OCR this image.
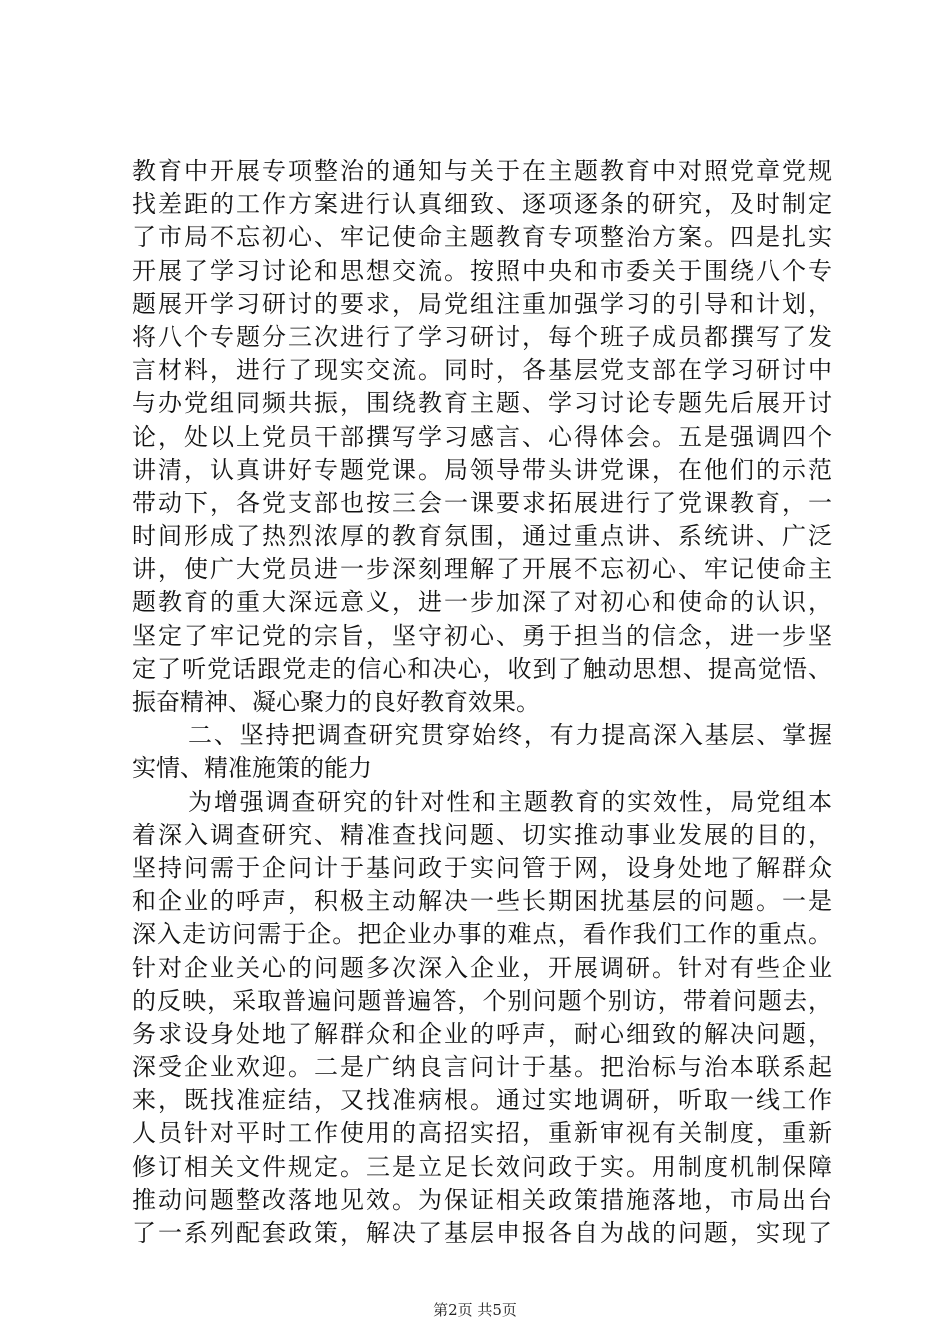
教育中开展专项整治的通知与关于在主题教育中对照党章党规
找差距的工作方案进行认真细致、逐项逐条的研究，及时制定
了市局不忘初心、牢记使命主题教育专项整治方案。四是扎实
开展了学习讨论和思想交流。按照中央和市委关于围绕八个专
题展开学习研讨的要求，局党组注重加强学习的引导和计划，
将八个专题分三次进行了学习研讨，每个班子成员都撰写了发
言材料，进行了现实交流。同时，各基层党支部在学习研讨中
与办党组同频共振，围绕教育主题、学习讨论专题先后展开讨
论，处以上党员干部撰写学习感言、心得体会。五是强调四个
讲清，认真讲好专题党课。局领导带头讲党课，在他们的示范
带动下，各党支部也按三会一课要求拓展进行了党课教育，一
时间形成了热烈浓厚的教育氛围，通过重点讲、系统讲、广泛
讲，使广大党员进一步深刻理解了开展不忘初心、牢记使命主
题教育的重大深远意义，进一步加深了对初心和使命的认识，
坚定了牢记党的宗旨，坚守初心、勇于担当的信念，进一步坚
定了听党话跟党走的信心和决心，收到了触动思想、提高觉悟、
振奋精神、凝心聚力的良好教育效果。
二、坚持把调查研究贯穿始终，有力提高深入基层、掌握
实情、精准施策的能力
为增强调查研究的针对性和主题教育的实效性，局党组本
着深入调查研究、精准查找问题、切实推动事业发展的目的，
坚持问需于企问计于基问政于实问管于网，设身处地了解群众
和企业的呼声，积极主动解决一些长期困扰基层的问题。一是
深入走访问需于企。把企业办事的难点，看作我们工作的重点。
针对企业关心的问题多次深入企业，开展调研。针对有些企业
的反映，采取普遍问题普遍答，个别问题个别访，带着问题去，
务求设身处地了解群众和企业的呼声，耐心细致的解决问题，
深受企业欢迎。二是广纳良言问计于基。把治标与治本联系起
来，既找准症结，又找准病根。通过实地调研，听取一线工作
人员针对平时工作使用的高招实招，重新审视有关制度，重新
修订相关文件规定。三是立足长效问政于实。用制度机制保障
推动问题整改落地见效。为保证相关政策措施落地，市局出台
了一系列配套政策，解决了基层申报各自为战的问题，实现了
第2页 共5页
